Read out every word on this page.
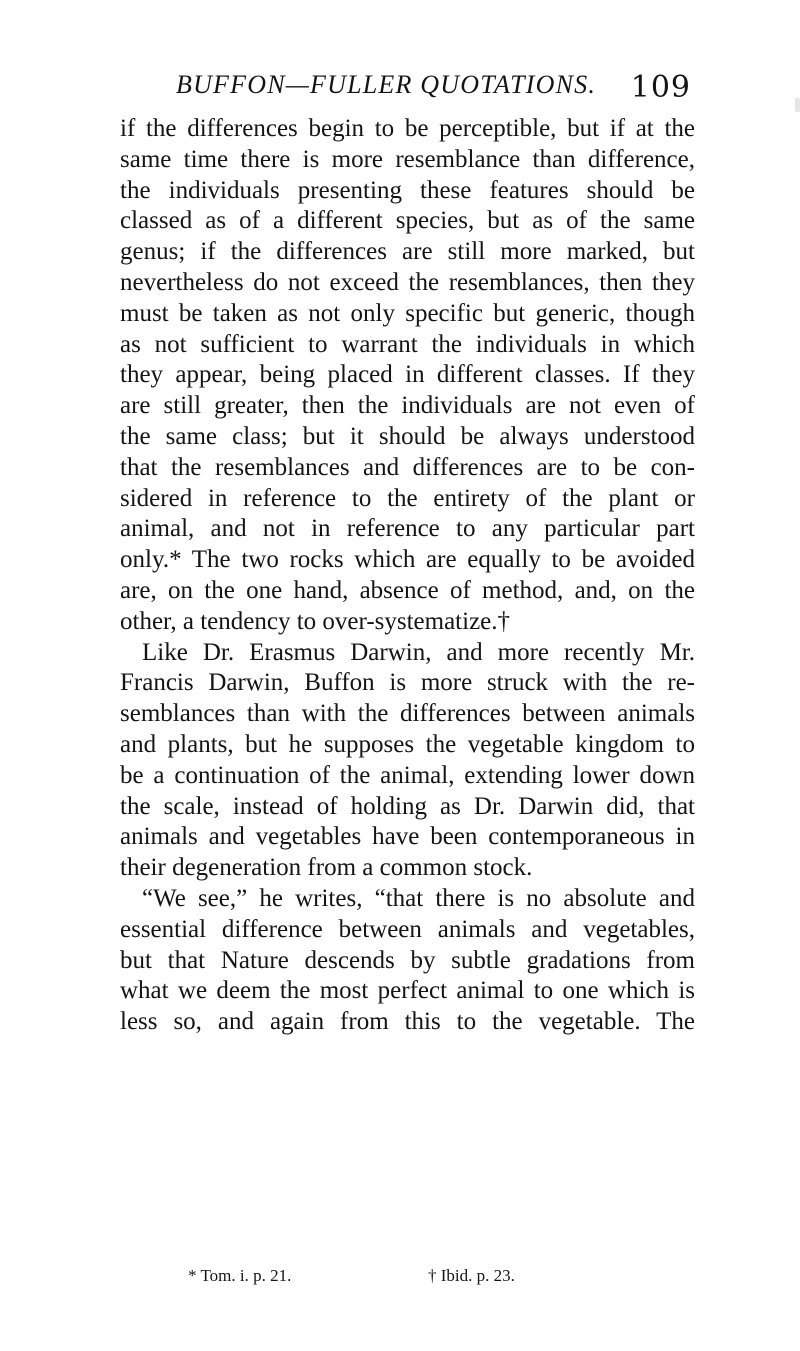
BUFFON—FULLER QUOTATIONS. 109
if the differences begin to be perceptible, but if at the
same time there is more resemblance than difference,
the individuals presenting these features should be
classed as of a different species, but as of the same
genus; if the differences are still more marked, but
nevertheless do not exceed the resemblances, then they
must be taken as not only specific but generic, though
as not sufficient to warrant the individuals in which
they appear, being placed in different classes. If they
are still greater, then the individuals are not even of
the same class; but it should be always understood
that the resemblances and differences are to be con-
sidered in reference to the entirety of the plant or
animal, and not in reference to any particular part
only.* The two rocks which are equally to be avoided
are, on the one hand, absence of method, and, on the
other, a tendency to over-systematize.†
Like Dr. Erasmus Darwin, and more recently Mr.
Francis Darwin, Buffon is more struck with the re-
semblances than with the differences between animals
and plants, but he supposes the vegetable kingdom to
be a continuation of the animal, extending lower down
the scale, instead of holding as Dr. Darwin did, that
animals and vegetables have been contemporaneous in
their degeneration from a common stock.
“We see,” he writes, “that there is no absolute and
essential difference between animals and vegetables,
but that Nature descends by subtle gradations from
what we deem the most perfect animal to one which is
less so, and again from this to the vegetable. The
* Tom. i. p. 21.	† Ibid. p. 23.
